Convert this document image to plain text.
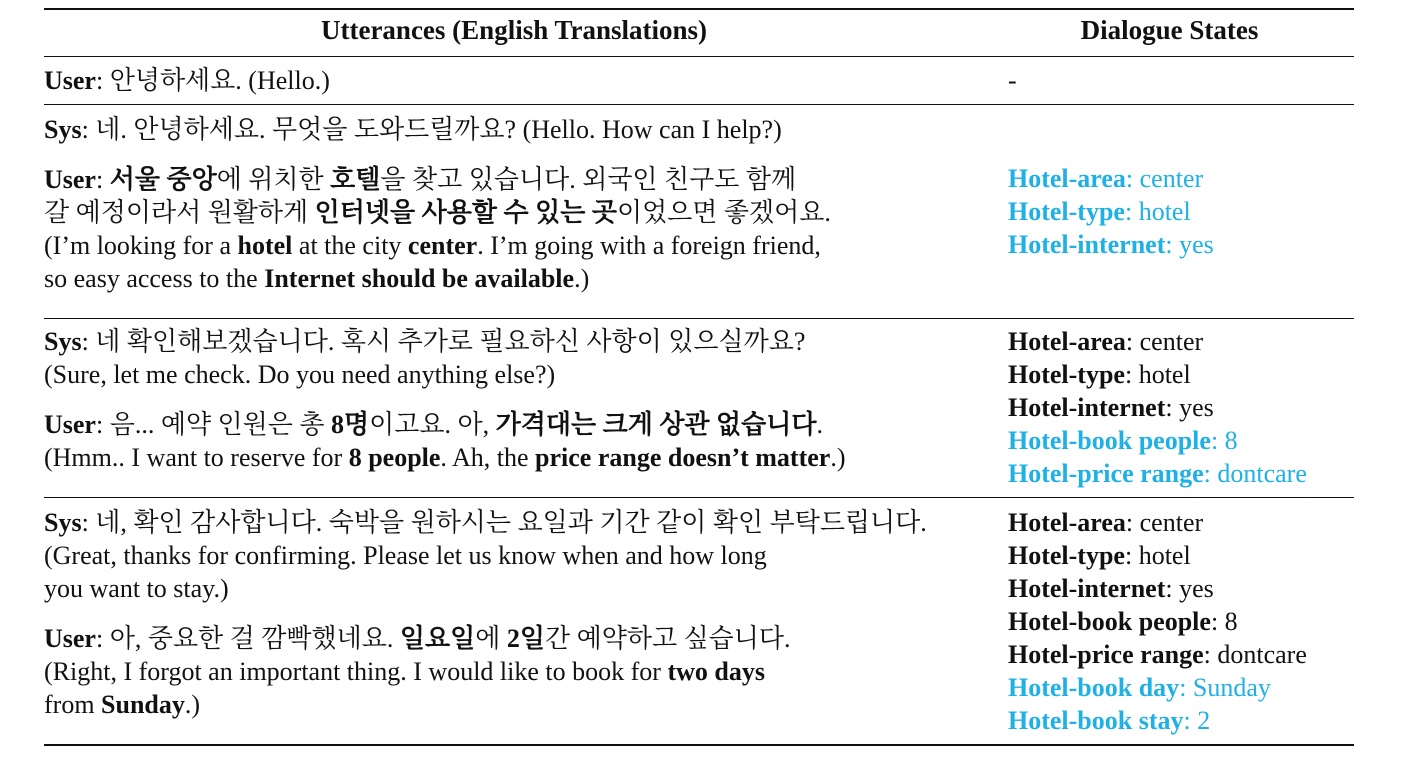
Utterances (English Translations)	Dialogue States
User: 안녕하세요. (Hello.)	-
Sys: 네. 안녕하세요. 무엇을 도와드릴까요? (Hello. How can I help?)
User: 서울 중앙에 위치한 호텔을 찾고 있습니다. 외국인 친구도 함께
갈 예정이라서 원활하게 인터넷을 사용할 수 있는 곳이었으면 좋겠어요.
(I’m looking for a hotel at the city center. I’m going with a foreign friend,
so easy access to the Internet should be available.)
Hotel-area: center
Hotel-type: hotel
Hotel-internet: yes
Sys: 네 확인해보겠습니다. 혹시 추가로 필요하신 사항이 있으실까요?
(Sure, let me check. Do you need anything else?)
User: 음... 예약 인원은 총 8명이고요. 아, 가격대는 크게 상관 없습니다.
(Hmm.. I want to reserve for 8 people. Ah, the price range doesn’t matter.)
Hotel-area: center
Hotel-type: hotel
Hotel-internet: yes
Hotel-book people: 8
Hotel-price range: dontcare
Sys: 네, 확인 감사합니다. 숙박을 원하시는 요일과 기간 같이 확인 부탁드립니다.
(Great, thanks for confirming. Please let us know when and how long
you want to stay.)
User: 아, 중요한 걸 깜빡했네요. 일요일에 2일간 예약하고 싶습니다.
(Right, I forgot an important thing. I would like to book for two days
from Sunday.)
Hotel-area: center
Hotel-type: hotel
Hotel-internet: yes
Hotel-book people: 8
Hotel-price range: dontcare
Hotel-book day: Sunday
Hotel-book stay: 2
